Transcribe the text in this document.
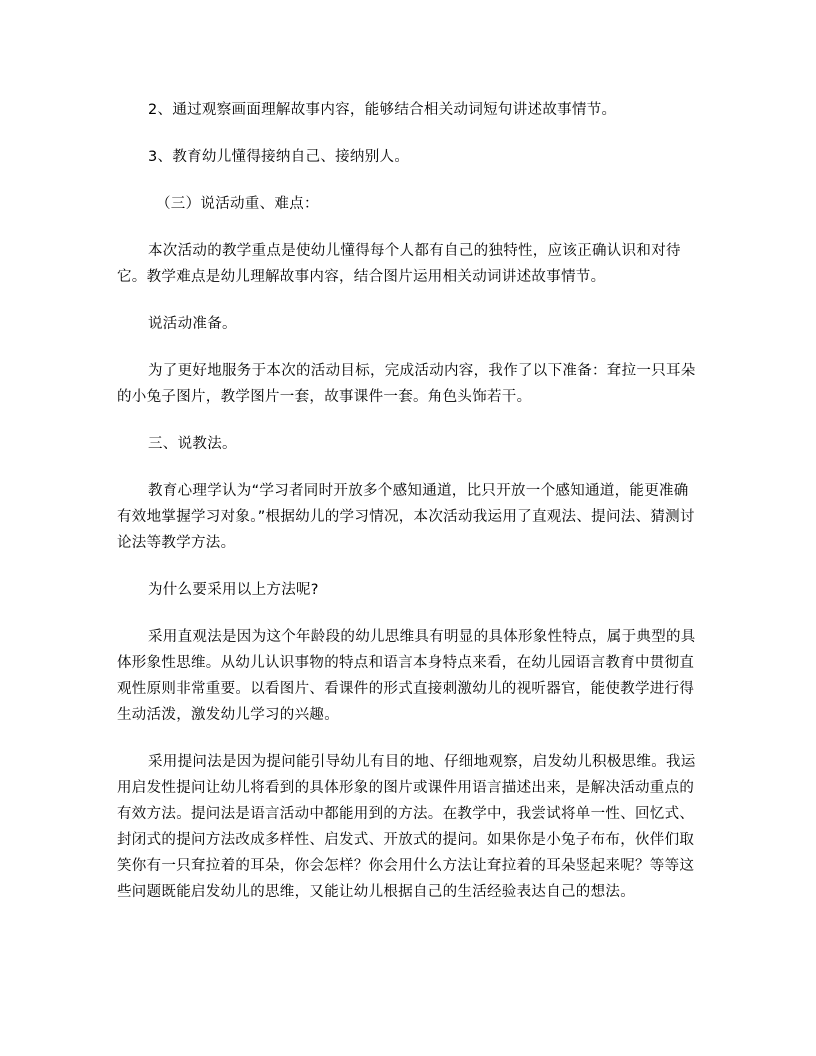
2、通过观察画面理解故事内容，能够结合相关动词短句讲述故事情节。

3、教育幼儿懂得接纳自己、接纳别人。

（三）说活动重、难点：

本次活动的教学重点是使幼儿懂得每个人都有自己的独特性，应该正确认识和对待它。教学难点是幼儿理解故事内容，结合图片运用相关动词讲述故事情节。

说活动准备。

为了更好地服务于本次的活动目标，完成活动内容，我作了以下准备：耷拉一只耳朵的小兔子图片，教学图片一套，故事课件一套。角色头饰若干。

三、说教法。

教育心理学认为“学习者同时开放多个感知通道，比只开放一个感知通道，能更准确有效地掌握学习对象。”根据幼儿的学习情况，本次活动我运用了直观法、提问法、猜测讨论法等教学方法。

为什么要采用以上方法呢?

采用直观法是因为这个年龄段的幼儿思维具有明显的具体形象性特点，属于典型的具体形象性思维。从幼儿认识事物的特点和语言本身特点来看，在幼儿园语言教育中贯彻直观性原则非常重要。以看图片、看课件的形式直接刺激幼儿的视听器官，能使教学进行得生动活泼，激发幼儿学习的兴趣。

采用提问法是因为提问能引导幼儿有目的地、仔细地观察，启发幼儿积极思维。我运用启发性提问让幼儿将看到的具体形象的图片或课件用语言描述出来，是解决活动重点的有效方法。提问法是语言活动中都能用到的方法。在教学中，我尝试将单一性、回忆式、封闭式的提问方法改成多样性、启发式、开放式的提问。如果你是小兔子布布，伙伴们取笑你有一只耷拉着的耳朵，你会怎样？你会用什么方法让耷拉着的耳朵竖起来呢？等等这些问题既能启发幼儿的思维，又能让幼儿根据自己的生活经验表达自己的想法。
